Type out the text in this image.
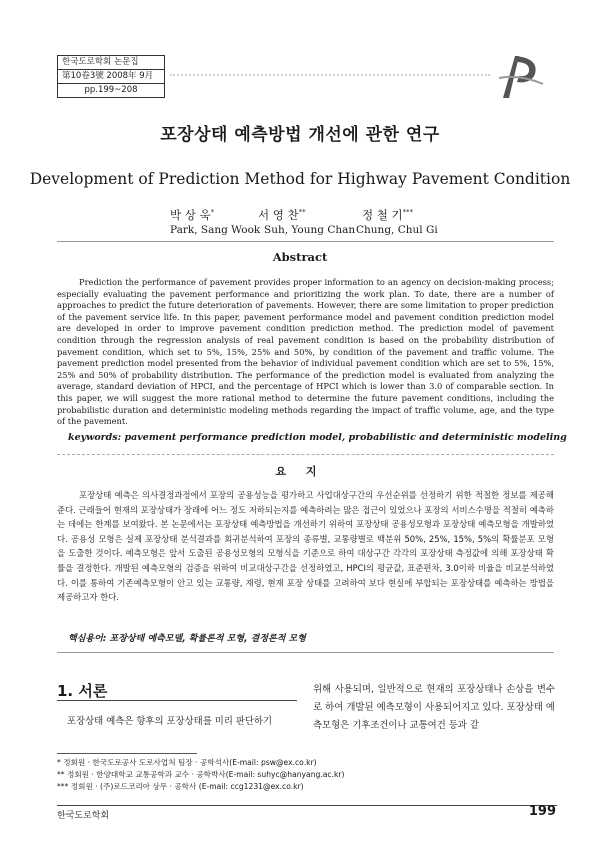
한국도로학회 논문집
第10卷3號 2008年 9月
pp.199~208
포장상태 예측방법 개선에 관한 연구
Development of Prediction Method for Highway Pavement Condition
박 상 욱*	서 영 찬**	정 철 기***
Park, Sang Wook Suh, Young Chan Chung, Chul Gi
Abstract

Prediction the performance of pavement provides proper information to an agency on decision-making process; especially evaluating the pavement performance and prioritizing the work plan. To date, there are a number of approaches to predict the future deterioration of pavements. However, there are some limitation to proper prediction of the pavement service life. In this paper, pavement performance model and pavement condition prediction model are developed in order to improve pavement condition prediction method. The prediction model of pavement condition through the regression analysis of real pavement condition is based on the probability distribution of pavement condition, which set to 5%, 15%, 25% and 50%, by condition of the pavement and traffic volume. The pavement prediction model presented from the behavior of individual pavement condition which are set to 5%, 15%, 25% and 50% of probability distribution. The performance of the prediction model is evaluated from analyzing the average, standard deviation of HPCI, and the percentage of HPCI which is lower than 3.0 of comparable section. In this paper, we will suggest the more rational method to determine the future pavement conditions, including the probabilistic duration and deterministic modeling methods regarding the impact of traffic volume, age, and the type of the pavement.

keywords: pavement performance prediction model, probabilistic and deterministic modeling
요 지

포장상태 예측은 의사결정과정에서 포장의 공용성능을 평가하고 사업대상구간의 우선순위를 선정하기 위한 적절한 정보를 제공해준다. 근래들어 현재의 포장상태가 장래에 어느 정도 저하되는지를 예측하려는 많은 접근이 있었으나 포장의 서비스수명을 적절히 예측하는 데에는 한계를 보여왔다. 본 논문에서는 포장상태 예측방법을 개선하기 위하여 포장상태 공용성모형과 포장상태 예측모형을 개발하였다. 공용성 모형은 실제 포장상태 분석결과를 회귀분석하여 포장의 종류별, 교통량별로 백분위 50%, 25%, 15%, 5%의 확률분포 모형을 도출한 것이다. 예측모형은 앞서 도출된 공용성모형의 모형식을 기준으로 하여 대상구간 각각의 포장상태 측정값에 의해 포장상태 확률을 결정한다. 개발된 예측모형의 검증을 위하여 비교대상구간을 선정하였고, HPCI의 평균값, 표준편차, 3.0이하 비율을 비교분석하였다. 이를 통하여 기존예측모형이 안고 있는 교통량, 재령, 현재 포장 상태를 고려하여 보다 현실에 부합되는 포장상태를 예측하는 방법을 제공하고자 한다.

핵심용어: 포장상태 예측모델, 확률론적 모형, 결정론적 모형
1. 서론

포장상태 예측은 향후의 포장상태를 미리 판단하기

위해 사용되며, 일반적으로 현재의 포장상태나 손상을 변수로 하여 개발된 예측모형이 사용되어지고 있다. 포장상태 예측모형은 기후조건이나 교통여건 등과 같

* 정회원 · 한국도로공사 도로사업처 팀장 · 공학석사(E-mail: psw@ex.co.kr)
** 정회원 · 한양대학교 교통공학과 교수 · 공학박사(E-mail: suhyc@hanyang.ac.kr)
*** 정회원 · (주)로드코리아 상무 · 공학사 (E-mail: ccg1231@ex.co.kr)
한국도로학회	199
